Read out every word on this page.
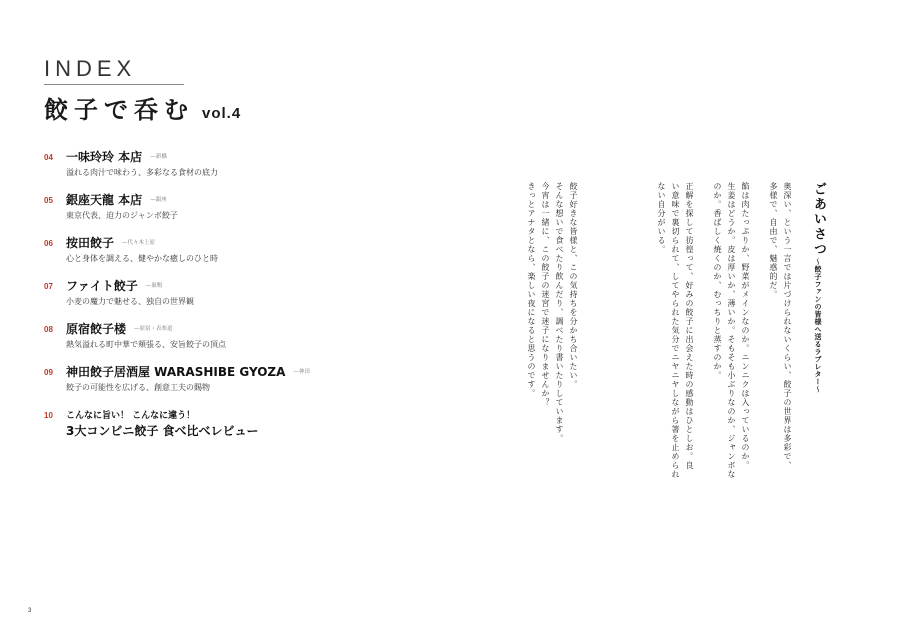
INDEX
餃子で呑む vol.4
04 一味玲玲 本店 $^{—新橋}$
溢れる肉汁で味わう、多彩なる食材の底力
05 銀座天龍 本店 $^{—銀座}$
東京代表、迫力のジャンボ餃子
06 按田餃子 $^{—代々木上原}$
心と身体を調える、健やかな癒しのひと時
07 ファイト餃子 $^{—巣鴨}$
小麦の魔力で魅せる、独自の世界観
08 原宿餃子楼 $^{—原宿・表参道}$
熱気溢れる町中華で頬張る、安旨餃子の頂点
09 神田餃子居酒屋 WARASHIBE GYOZA $^{—神田}$
餃子の可能性を広げる、創意工夫の賜物
10 こんなに旨い！ こんなに違う！
3大コンビニ餃子 食べ比べレビュー
3
ごあいさつ
〜餃子ファンの皆様へ送るラブレター〜
奥深い、という一言では片づけられないくらい、餃子の世界は多彩で、
多様で、自由で、魅惑的だ。
餡は肉たっぷりか、野菜がメインなのか。ニンニクは入っているのか。
生姜はどうか。皮は厚いか、薄いか。そもそも小ぶりなのか、ジャンボな
のか。香ばしく焼くのか、むっちりと蒸すのか。
正解を探して彷徨って、好みの餃子に出会えた時の感動はひとしお。良
い意味で裏切られて、してやられた気分でニヤニヤしながら箸を止められ
ない自分がいる。
餃子好きな皆様と、この気持ちを分かち合いたい。
そんな想いで食べたり飲んだり、調べたり書いたりしています。
今宵は一緒に、この餃子の迷宮で迷子になりませんか？
きっとアナタとなら、楽しい夜になると思うのです。
